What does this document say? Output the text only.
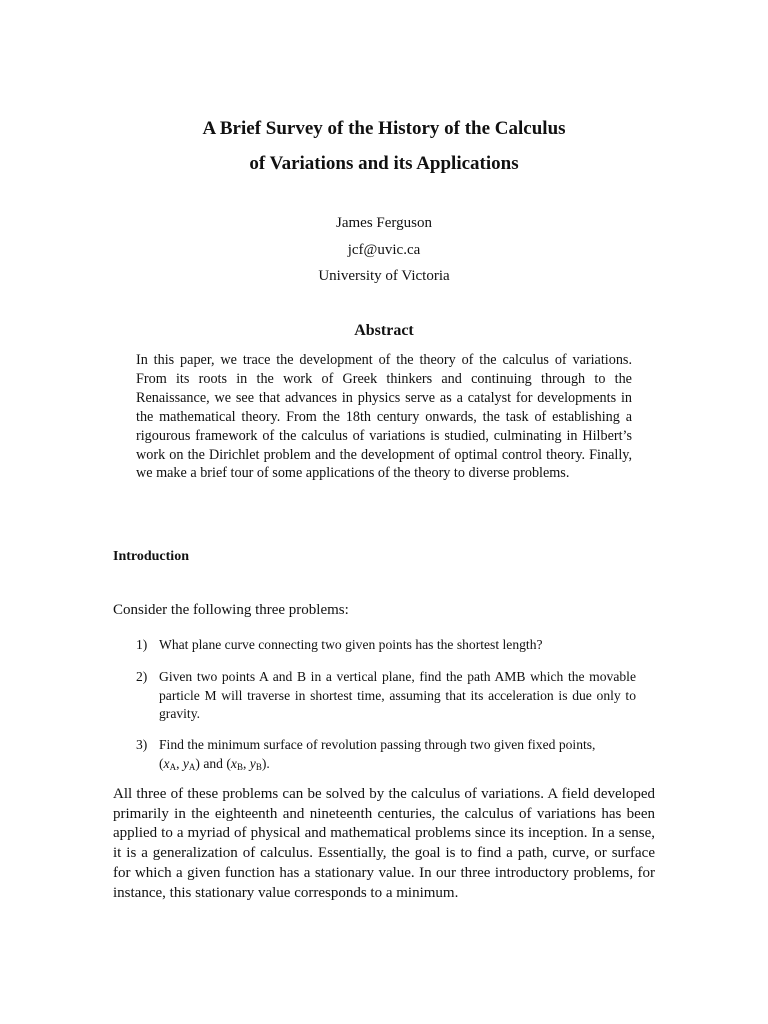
A Brief Survey of the History of the Calculus
of Variations and its Applications
James Ferguson
jcf@uvic.ca
University of Victoria
Abstract

In this paper, we trace the development of the theory of the calculus of variations. From its roots in the work of Greek thinkers and continuing through to the Renaissance, we see that advances in physics serve as a catalyst for developments in the mathematical theory. From the 18th century onwards, the task of establishing a rigourous framework of the calculus of variations is studied, culminating in Hilbert’s work on the Dirichlet problem and the development of optimal control theory. Finally, we make a brief tour of some applications of the theory to diverse problems.

Introduction

Consider the following three problems:

1) What plane curve connecting two given points has the shortest length?
2) Given two points A and B in a vertical plane, find the path AMB which the movable particle M will traverse in shortest time, assuming that its acceleration is due only to gravity.
3) Find the minimum surface of revolution passing through two given fixed points,
($x_A$, $y_A$) and ($x_B$, $y_B$).

All three of these problems can be solved by the calculus of variations. A field developed primarily in the eighteenth and nineteenth centuries, the calculus of variations has been applied to a myriad of physical and mathematical problems since its inception. In a sense, it is a generalization of calculus. Essentially, the goal is to find a path, curve, or surface for which a given function has a stationary value. In our three introductory problems, for instance, this stationary value corresponds to a minimum.
